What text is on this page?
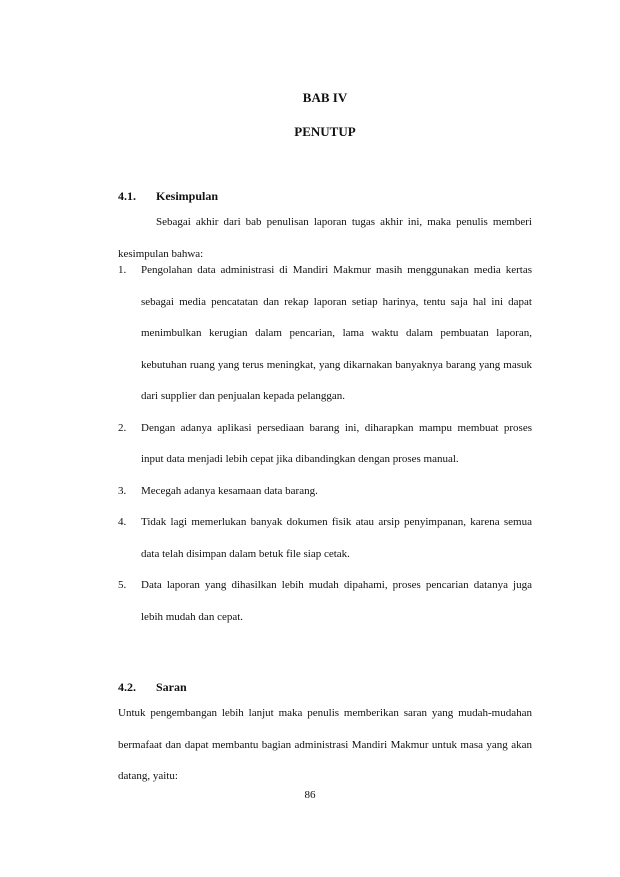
BAB IV
PENUTUP
4.1. Kesimpulan

Sebagai akhir dari bab penulisan laporan tugas akhir ini, maka penulis memberi kesimpulan bahwa:

1. Pengolahan data administrasi di Mandiri Makmur masih menggunakan media kertas sebagai media pencatatan dan rekap laporan setiap harinya, tentu saja hal ini dapat menimbulkan kerugian dalam pencarian, lama waktu dalam pembuatan laporan, kebutuhan ruang yang terus meningkat, yang dikarnakan banyaknya barang yang masuk dari supplier dan penjualan kepada pelanggan.
2. Dengan adanya aplikasi persediaan barang ini, diharapkan mampu membuat proses input data menjadi lebih cepat jika dibandingkan dengan proses manual.
3. Mecegah adanya kesamaan data barang.
4. Tidak lagi memerlukan banyak dokumen fisik atau arsip penyimpanan, karena semua data telah disimpan dalam betuk file siap cetak.
5. Data laporan yang dihasilkan lebih mudah dipahami, proses pencarian datanya juga lebih mudah dan cepat.
4.2. Saran

Untuk pengembangan lebih lanjut maka penulis memberikan saran yang mudah-mudahan bermafaat dan dapat membantu bagian administrasi Mandiri Makmur untuk masa yang akan datang, yaitu:

86
